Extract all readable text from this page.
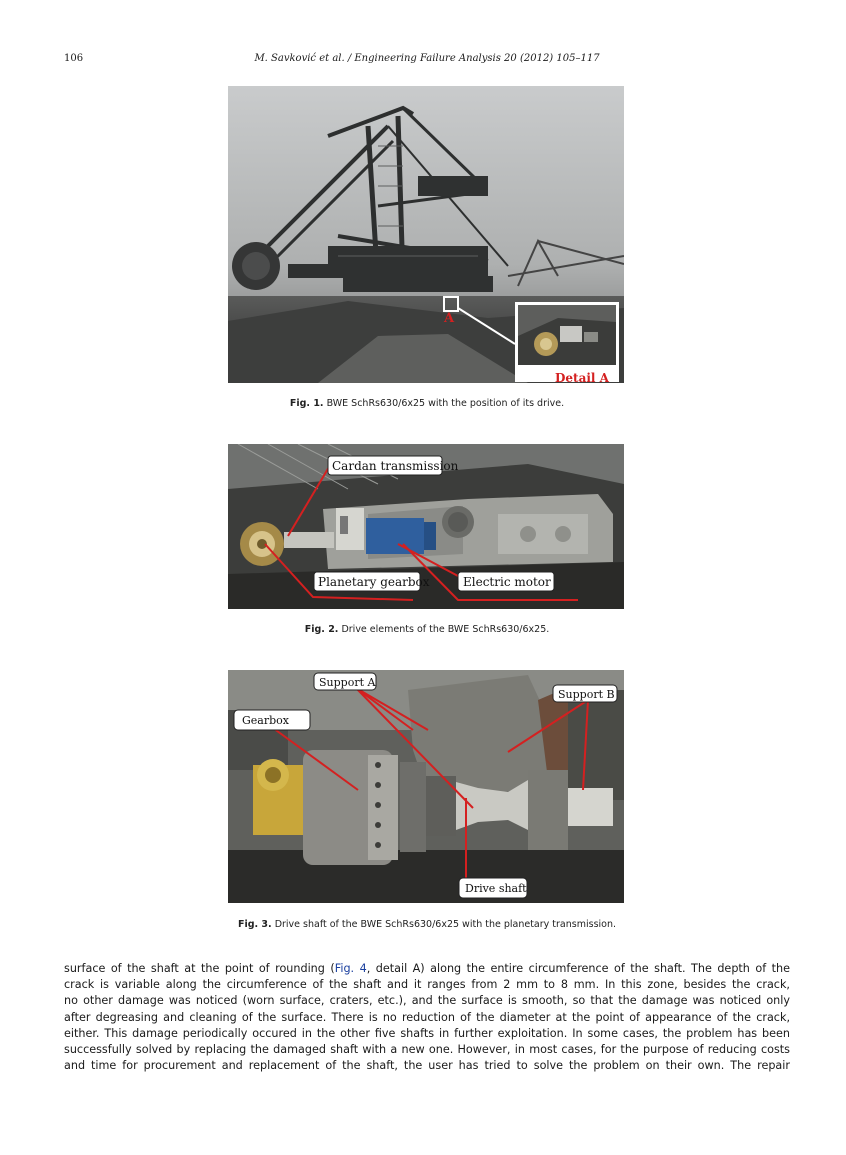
106	M. Savković et al. / Engineering Failure Analysis 20 (2012) 105–117
A
Detail A
Fig. 1. BWE SchRs630/6x25 with the position of its drive.
Cardan transmission
Planetary gearbox	Electric motor
Fig. 2. Drive elements of the BWE SchRs630/6x25.
Support A
Support B
Gearbox
Drive shaft
Fig. 3. Drive shaft of the BWE SchRs630/6x25 with the planetary transmission.
surface of the shaft at the point of rounding (Fig. 4, detail A) along the entire circumference of the shaft. The depth of the
crack is variable along the circumference of the shaft and it ranges from 2 mm to 8 mm. In this zone, besides the crack,
no other damage was noticed (worn surface, craters, etc.), and the surface is smooth, so that the damage was noticed only
after degreasing and cleaning of the surface. There is no reduction of the diameter at the point of appearance of the crack,
either. This damage periodically occured in the other five shafts in further exploitation. In some cases, the problem has been
successfully solved by replacing the damaged shaft with a new one. However, in most cases, for the purpose of reducing costs
and time for procurement and replacement of the shaft, the user has tried to solve the problem on their own. The repair
